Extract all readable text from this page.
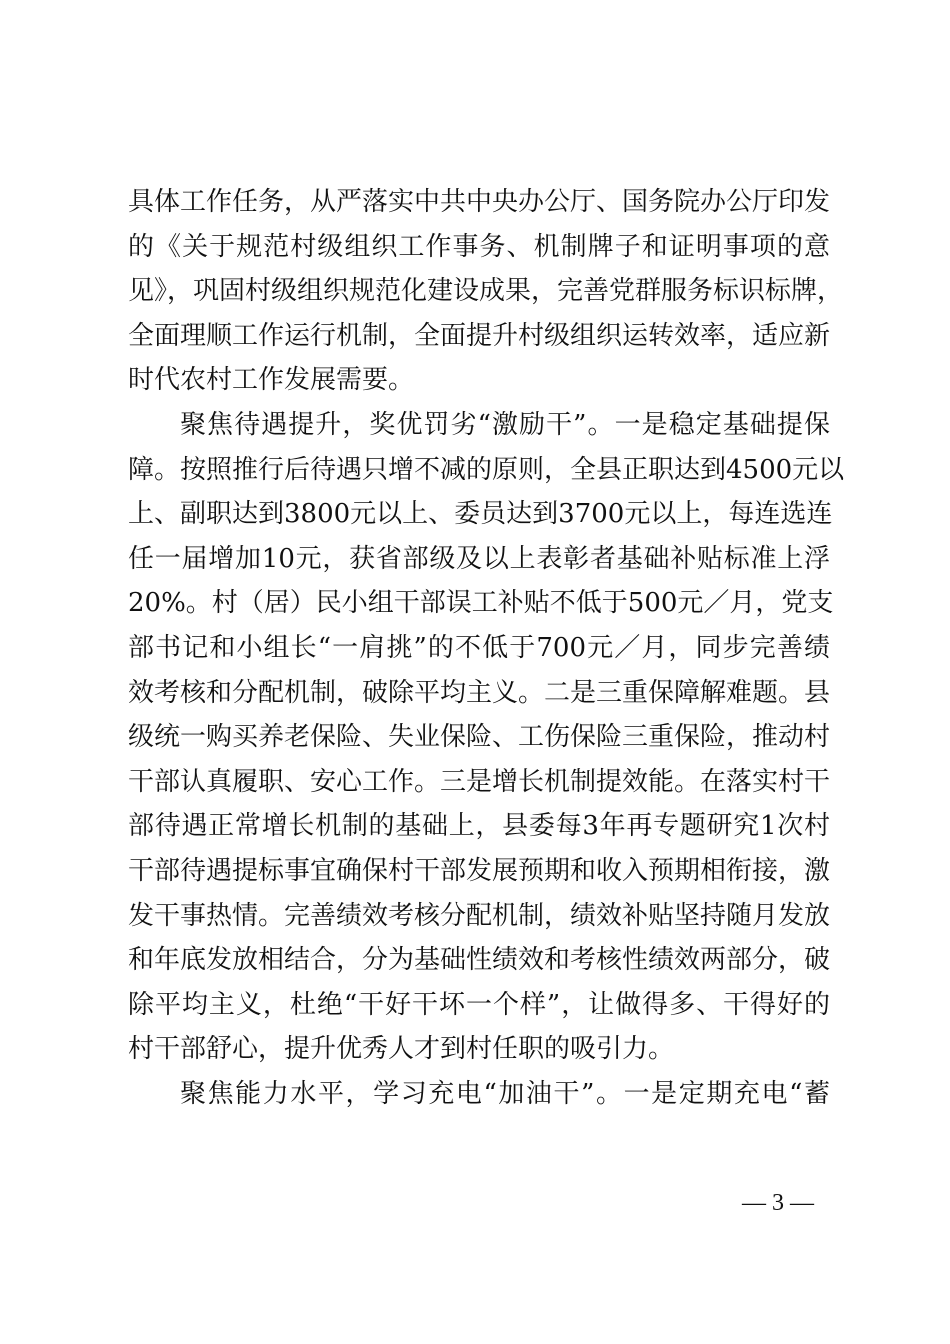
具体工作任务，从严落实中共中央办公厅、国务院办公厅印发
的《关于规范村级组织工作事务、机制牌子和证明事项的意
见》，巩固村级组织规范化建设成果，完善党群服务标识标牌，
全面理顺工作运行机制，全面提升村级组织运转效率，适应新
时代农村工作发展需要。
聚焦待遇提升，奖优罚劣“激励干”。一是稳定基础提保
障。按照推行后待遇只增不减的原则，全县正职达到4500元以
上、副职达到3800元以上、委员达到3700元以上，每连选连
任一届增加10元，获省部级及以上表彰者基础补贴标准上浮
20%。村（居）民小组干部误工补贴不低于500元／月，党支
部书记和小组长“一肩挑”的不低于700元／月，同步完善绩
效考核和分配机制，破除平均主义。二是三重保障解难题。县
级统一购买养老保险、失业保险、工伤保险三重保险，推动村
干部认真履职、安心工作。三是增长机制提效能。在落实村干
部待遇正常增长机制的基础上，县委每3年再专题研究1次村
干部待遇提标事宜确保村干部发展预期和收入预期相衔接，激
发干事热情。完善绩效考核分配机制，绩效补贴坚持随月发放
和年底发放相结合，分为基础性绩效和考核性绩效两部分，破
除平均主义，杜绝“干好干坏一个样”，让做得多、干得好的
村干部舒心，提升优秀人才到村任职的吸引力。
聚焦能力水平，学习充电“加油干”。一是定期充电“蓄
— 3 —
